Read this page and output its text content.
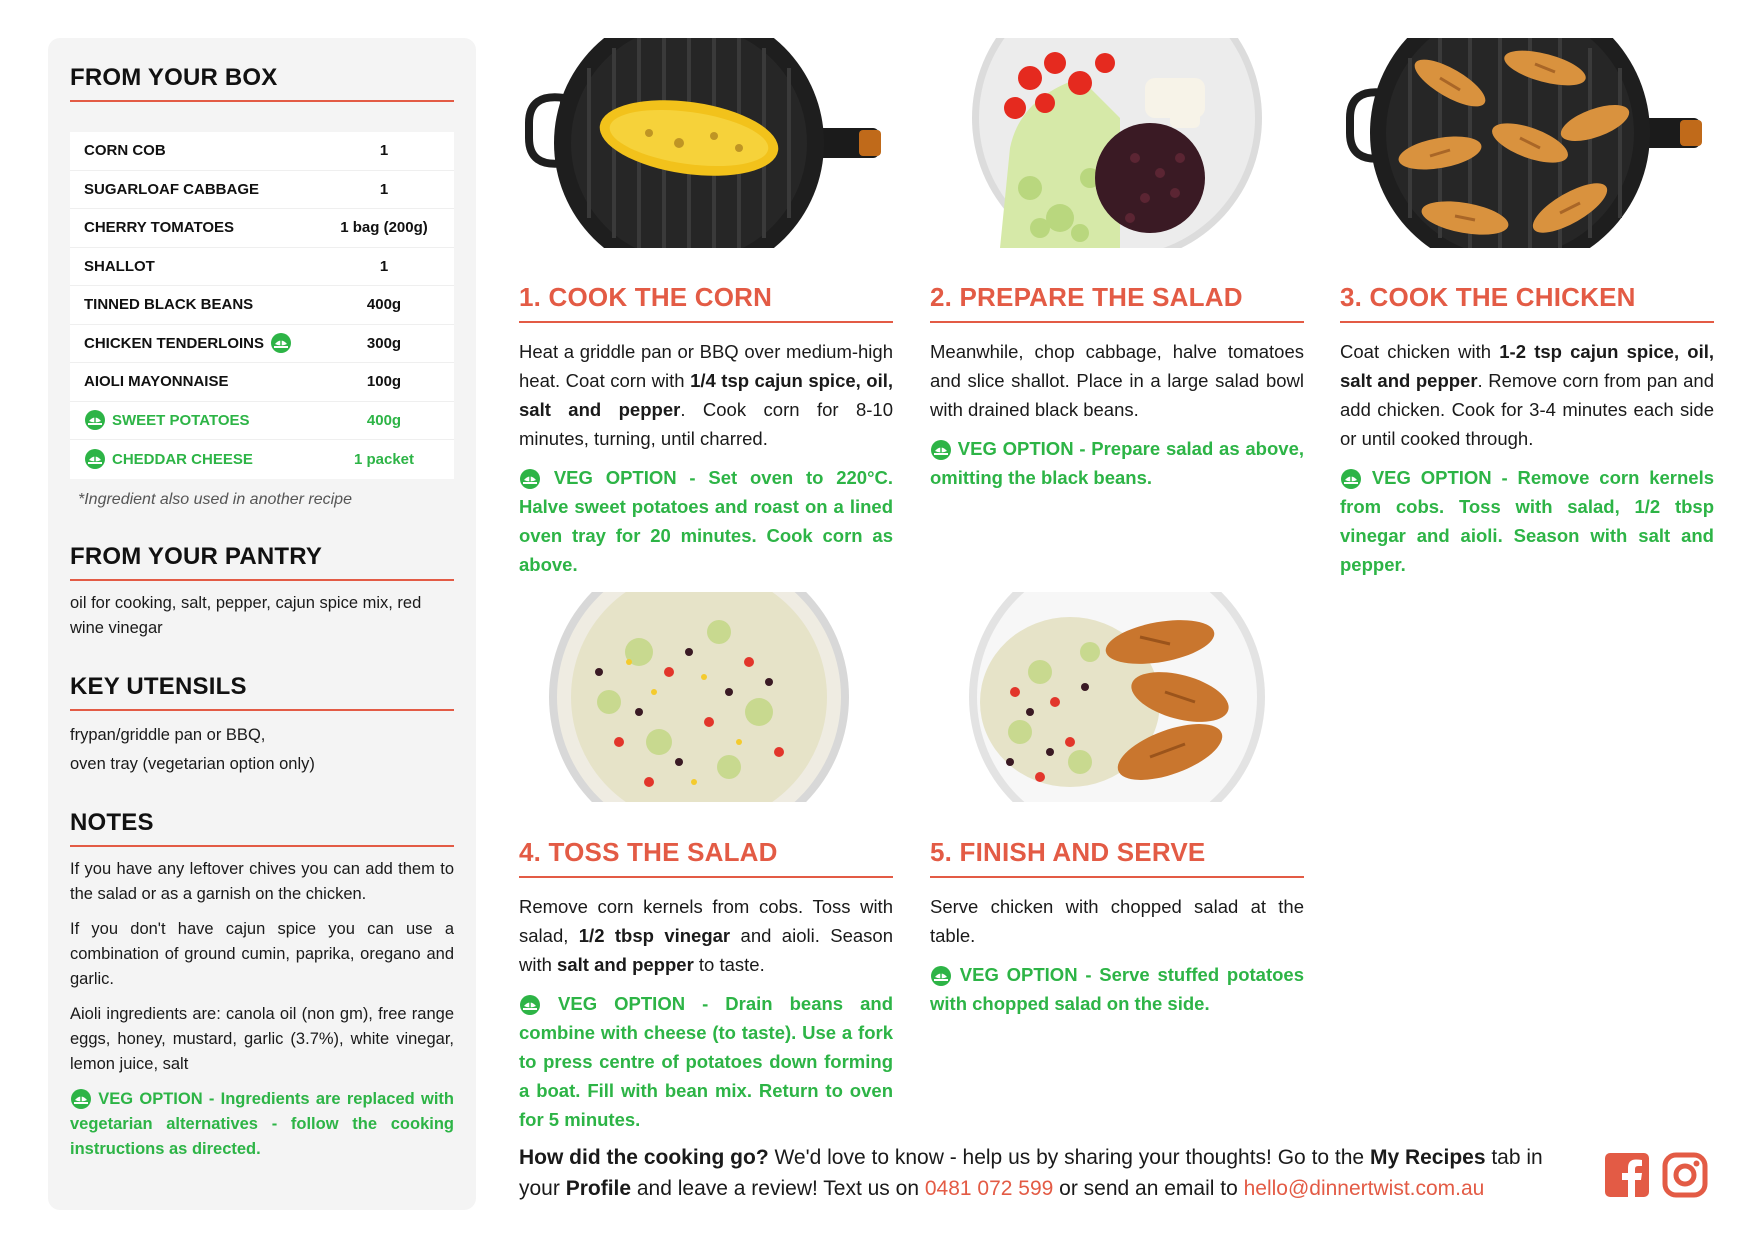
FROM YOUR BOX
CORN COB	1
SUGARLOAF CABBAGE	1
CHERRY TOMATOES	1 bag (200g)
SHALLOT	1
TINNED BLACK BEANS	400g
CHICKEN TENDERLOINS	300g
AIOLI MAYONNAISE	100g
SWEET POTATOES	400g
CHEDDAR CHEESE	1 packet
*Ingredient also used in another recipe
FROM YOUR PANTRY
oil for cooking, salt, pepper, cajun spice mix, red wine vinegar
KEY UTENSILS
frypan/griddle pan or BBQ,
oven tray (vegetarian option only)
NOTES
If you have any leftover chives you can add them to the salad or as a garnish on the chicken.
If you don't have cajun spice you can use a combination of ground cumin, paprika, oregano and garlic.
Aioli ingredients are: canola oil (non gm), free range eggs, honey, mustard, garlic (3.7%), white vinegar, lemon juice, salt
VEG OPTION - Ingredients are replaced with vegetarian alternatives - follow the cooking instructions as directed.
1. COOK THE CORN
Heat a griddle pan or BBQ over medium-high heat. Coat corn with 1/4 tsp cajun spice, oil, salt and pepper. Cook corn for 8-10 minutes, turning, until charred.
VEG OPTION - Set oven to 220°C. Halve sweet potatoes and roast on a lined oven tray for 20 minutes. Cook corn as above.
2. PREPARE THE SALAD
Meanwhile, chop cabbage, halve tomatoes and slice shallot. Place in a large salad bowl with drained black beans.
VEG OPTION - Prepare salad as above, omitting the black beans.
3. COOK THE CHICKEN
Coat chicken with 1-2 tsp cajun spice, oil, salt and pepper. Remove corn from pan and add chicken. Cook for 3-4 minutes each side or until cooked through.
VEG OPTION - Remove corn kernels from cobs. Toss with salad, 1/2 tbsp vinegar and aioli. Season with salt and pepper.
4. TOSS THE SALAD
Remove corn kernels from cobs. Toss with salad, 1/2 tbsp vinegar and aioli. Season with salt and pepper to taste.
VEG OPTION - Drain beans and combine with cheese (to taste). Use a fork to press centre of potatoes down forming a boat. Fill with bean mix. Return to oven for 5 minutes.
5. FINISH AND SERVE
Serve chicken with chopped salad at the table.
VEG OPTION - Serve stuffed potatoes with chopped salad on the side.
How did the cooking go? We'd love to know - help us by sharing your thoughts! Go to the My Recipes tab in your Profile and leave a review! Text us on 0481 072 599 or send an email to hello@dinnertwist.com.au
